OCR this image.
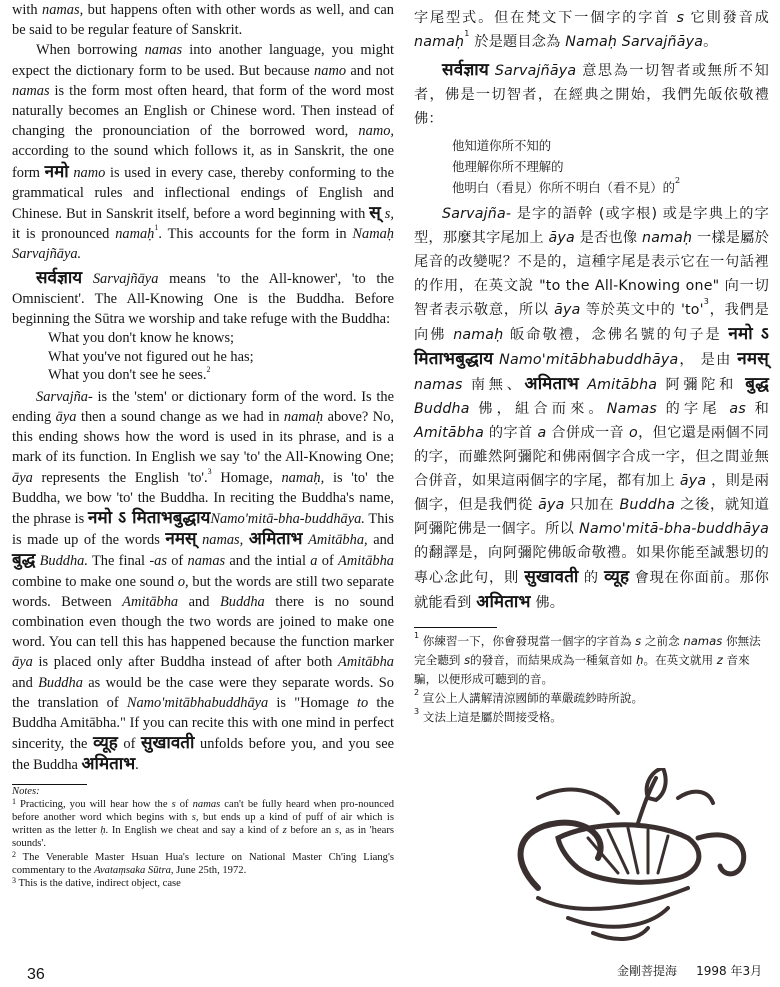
with namas, but happens often with other words as well, and can be said to be regular feature of Sanskrit.

When borrowing namas into another language, you might expect the dictionary form to be used. But because namo and not namas is the form most often heard, that form of the word most naturally becomes an English or Chinese word. Then instead of changing the pronounciation of the borrowed word, namo, according to the sound which follows it, as in Sanskrit, the one form नमो namo is used in every case, thereby conforming to the grammatical rules and inflectional endings of English and Chinese. But in Sanskrit itself, before a word beginning with स् s, it is pronounced namaḥ$^1$. This accounts for the form in Namaḥ Sarvajñāya.

सर्वज्ञाय Sarvajñāya means 'to the All-knower', 'to the Omniscient'. The All-Knowing One is the Buddha. Before beginning the Sūtra we worship and take refuge with the Buddha:

What you don't know he knows;
What you've not figured out he has;
What you don't see he sees.$^2$

Sarvajña- is the 'stem' or dictionary form of the word. Is the ending āya then a sound change as we had in namaḥ above? No, this ending shows how the word is used in its phrase, and is a mark of its function. In English we say 'to' the All-Knowing One; āya represents the English 'to'.$^3$ Homage, namaḥ, is 'to' the Buddha, we bow 'to' the Buddha. In reciting the Buddha's name, the phrase is नमो ऽ मिताभबुद्धायNamo'mitā-bha-buddhāya. This is made up of the words नमस् namas, अमिताभ Amitābha, and बुद्ध Buddha. The final -as of namas and the intial a of Amitābha combine to make one sound o, but the words are still two separate words. Between Amitābha and Buddha there is no sound combination even though the two words are joined to make one word. You can tell this has happened because the function marker āya is placed only after Buddha instead of after both Amitābha and Buddha as would be the case were they separate words. So the translation of Namo'mitābhabuddhāya is "Homage to the Buddha Amitābha." If you can recite this with one mind in perfect sincerity, the व्यूह of सुखावती unfolds before you, and you see the Buddha अमिताभ.

Notes:
$^1$ Practicing, you will hear how the s of namas can't be fully heard when pro-nounced before another word which begins with s, but ends up a kind of puff of air which is written as the letter ḥ. In English we cheat and say a kind of z before an s, as in 'hears sounds'.
$^2$ The Venerable Master Hsuan Hua's lecture on National Master Ch'ing Liang's commentary to the Avataṃsaka Sūtra, June 25th, 1972.
$^3$ This is the dative, indirect object, case

字尾型式。但在梵文下一個字的字首 s 它則發音成 namaḥ$^1$ 於是題目念為 Namaḥ Sarvajñāya。

सर्वज्ञाय Sarvajñāya 意思為一切智者或無所不知者，佛是一切智者，在經典之開始，我們先皈依敬禮佛：

他知道你所不知的
他理解你所不理解的
他明白（看見）你所不明白（看不見）的$^2$

Sarvajña- 是字的語幹 (或字根) 或是字典上的字型，那麼其字尾加上 āya 是否也像 namaḥ 一樣是屬於尾音的改變呢？不是的，這種字尾是表示它在一句話裡的作用，在英文說 "to the All-Knowing one" 向一切智者表示敬意，所以 āya 等於英文中的 '$to'^3$，我們是向佛 namaḥ 皈命敬禮，念佛名號的句子是 नमो ऽ मिताभबुद्धाय Namo'mitābhabuddhāya， 是由 नमस् namas 南無、अमिताभ Amitābha 阿彌陀和 बुद्ध Buddha 佛，組合而來。Namas 的字尾 as 和 Amitābha 的字首 a 合併成一音 o，但它還是兩個不同的字，而雖然阿彌陀和佛兩個字合成一字，但之間並無合併音，如果這兩個字的字尾，都有加上 āya ，則是兩個字，但是我們從 āya 只加在 Buddha 之後，就知道阿彌陀佛是一個字。所以 Namo'mitā-bha-buddhāya 的翻譯是，向阿彌陀佛皈命敬禮。如果你能至誠懇切的專心念此句，則 सुखावती 的 व्यूह 會現在你面前。那你就能看到 अमिताभ 佛。

$^1$ 你練習一下，你會發現當一個字的字首為 s 之前念 namas 你無法完全聽到 s的發音，而結果成為一種氣音如 ḥ。在英文就用 z 音來騙，以便形成可聽到的音。

$^2$ 宣公上人講解清涼國師的華嚴疏鈔時所說。

$^3$ 文法上這是屬於間接受格。

36	金剛菩提海 1998 年3月
